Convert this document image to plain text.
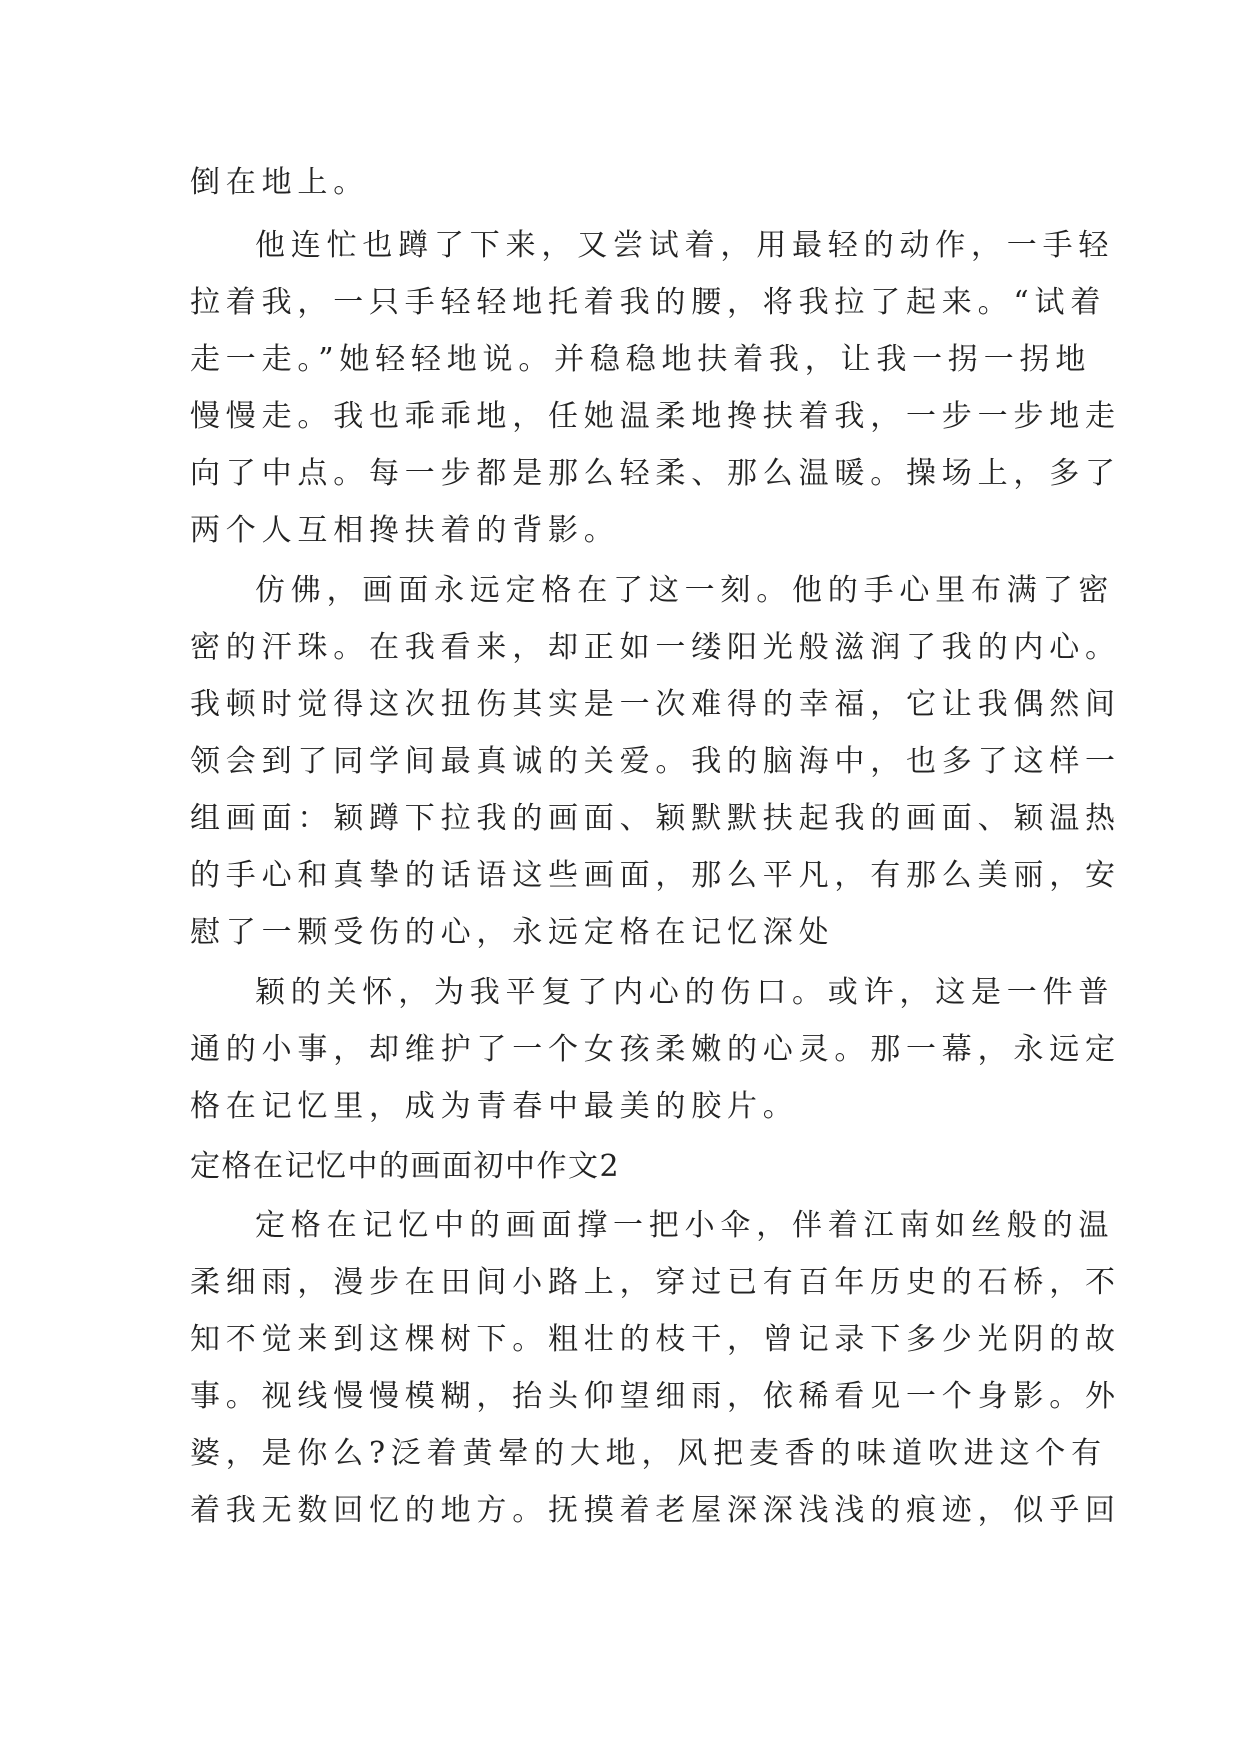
倒在地上。
他连忙也蹲了下来，又尝试着，用最轻的动作，一手轻
拉着我，一只手轻轻地托着我的腰，将我拉了起来。“试着
走一走。”她轻轻地说。并稳稳地扶着我，让我一拐一拐地
慢慢走。我也乖乖地，任她温柔地搀扶着我，一步一步地走
向了中点。每一步都是那么轻柔、那么温暖。操场上，多了
两个人互相搀扶着的背影。
仿佛，画面永远定格在了这一刻。他的手心里布满了密
密的汗珠。在我看来，却正如一缕阳光般滋润了我的内心。
我顿时觉得这次扭伤其实是一次难得的幸福，它让我偶然间
领会到了同学间最真诚的关爱。我的脑海中，也多了这样一
组画面：颖蹲下拉我的画面、颖默默扶起我的画面、颖温热
的手心和真挚的话语这些画面，那么平凡，有那么美丽，安
慰了一颗受伤的心，永远定格在记忆深处
颖的关怀，为我平复了内心的伤口。或许，这是一件普
通的小事，却维护了一个女孩柔嫩的心灵。那一幕，永远定
格在记忆里，成为青春中最美的胶片。
定格在记忆中的画面初中作文2
定格在记忆中的画面撑一把小伞，伴着江南如丝般的温
柔细雨，漫步在田间小路上，穿过已有百年历史的石桥，不
知不觉来到这棵树下。粗壮的枝干，曾记录下多少光阴的故
事。视线慢慢模糊，抬头仰望细雨，依稀看见一个身影。外
婆，是你么?泛着黄晕的大地，风把麦香的味道吹进这个有
着我无数回忆的地方。抚摸着老屋深深浅浅的痕迹，似乎回
